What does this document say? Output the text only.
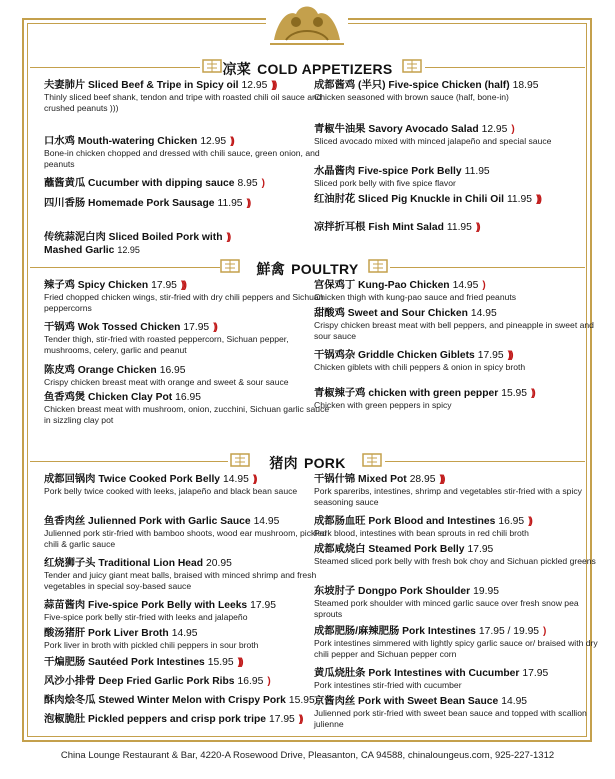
凉菜 COLD APPETIZERS
鮮禽 POULTRY
猪肉 PORK
夫妻肺片 Sliced Beef & Tripe in Spicy oil 12.95 )))
Thinly sliced beef shank, tendon and tripe with roasted chili oil sauce and crushed peanuts )))
口水鸡 Mouth-watering Chicken 12.95 ))
Bone-in chicken chopped and dressed with chili sauce, green onion, and peanuts
蘸酱黄瓜 Cucumber with dipping sauce 8.95 )
四川香肠 Homemade Pork Sausage 11.95 ))
传统蒜泥白肉 Sliced Boiled Pork with ))
Mashed Garlic 12.95
成都酱鸡 (半只) Five-spice Chicken (half) 18.95
Chicken seasoned with brown sauce (half, bone-in)
青椒牛油果 Savory Avocado Salad 12.95 )
Sliced avocado mixed with minced jalapeño and special sauce
水晶酱肉 Five-spice Pork Belly 11.95
Sliced pork belly with five spice flavor
红油肘花 Sliced Pig Knuckle in Chili Oil 11.95 )))
凉拌折耳根 Fish Mint Salad 11.95 ))
辣子鸡 Spicy Chicken 17.95 )))
Fried chopped chicken wings, stir-fried with dry chili peppers and Sichuan peppercorns
干锅鸡 Wok Tossed Chicken 17.95 ))
Tender thigh, stir-fried with roasted peppercorn, Sichuan pepper, mushrooms, celery, garlic and peanut
陈皮鸡 Orange Chicken 16.95
Crispy chicken breast meat with orange and sweet & sour sauce
鱼香鸡煲 Chicken Clay Pot 16.95
Chicken breast meat with mushroom, onion, zucchini, Sichuan garlic sauce in sizzling clay pot
宫保鸡丁 Kung-Pao Chicken 14.95 )
Chicken thigh with kung-pao sauce and fried peanuts
甜酸鸡 Sweet and Sour Chicken 14.95
Crispy chicken breast meat with bell peppers, and pineapple in sweet and sour sauce
干锅鸡杂 Griddle Chicken Giblets 17.95 )))
Chicken giblets with chili peppers & onion in spicy broth
青椒辣子鸡 chicken with green pepper 15.95 ))
Chicken with green peppers in spicy
成都回锅肉 Twice Cooked Pork Belly 14.95 ))
Pork belly twice cooked with leeks, jalapeño and black bean sauce
鱼香肉丝 Julienned Pork with Garlic Sauce 14.95
Julienned pork stir-fried with bamboo shoots, wood ear mushroom, pickled chili & garlic sauce
红烧狮子头 Traditional Lion Head 20.95
Tender and juicy giant meat balls, braised with minced shrimp and fresh vegetables in special soy-based sauce
蒜苗酱肉 Five-spice Pork Belly with Leeks 17.95
Five-spice pork belly stir-fried with leeks and jalapeño
酸汤猪肝 Pork Liver Broth 14.95
Pork liver in broth with pickled chili peppers in sour broth
干煸肥肠 Sautéed Pork Intestines 15.95 )))
风沙小排骨 Deep Fried Garlic Pork Ribs 16.95 )
酥肉烩冬瓜 Stewed Winter Melon with Crispy Pork 15.95
泡椒脆肚 Pickled peppers and crisp pork tripe 17.95 ))
干锅什锦 Mixed Pot 28.95 )))
Pork spareribs, intestines, shrimp and vegetables stir-fried with a spicy seasoning sauce
成都肠血旺 Pork Blood and Intestines 16.95 ))
Pork blood, intestines with bean sprouts in red chili broth
成都咸烧白 Steamed Pork Belly 17.95
Steamed sliced pork belly with fresh bok choy and Sichuan pickled greens
东坡肘子 Dongpo Pork Shoulder 19.95
Steamed pork shoulder with minced garlic sauce over fresh snow pea sprouts
成都肥肠/麻辣肥肠 Pork Intestines 17.95 / 19.95 )
Pork intestines simmered with lightly spicy garlic sauce or/ braised with dry chili pepper and Sichuan pepper corn
黄瓜烧肚条 Pork Intestines with Cucumber 17.95
Pork intestines stir-fried with cucumber
京酱肉丝 Pork with Sweet Bean Sauce 14.95
Julienned pork stir-fried with sweet bean sauce and topped with scallion julienne
China Lounge Restaurant & Bar, 4220-A Rosewood Drive, Pleasanton, CA 94588, chinaloungeus.com, 925-227-1312
